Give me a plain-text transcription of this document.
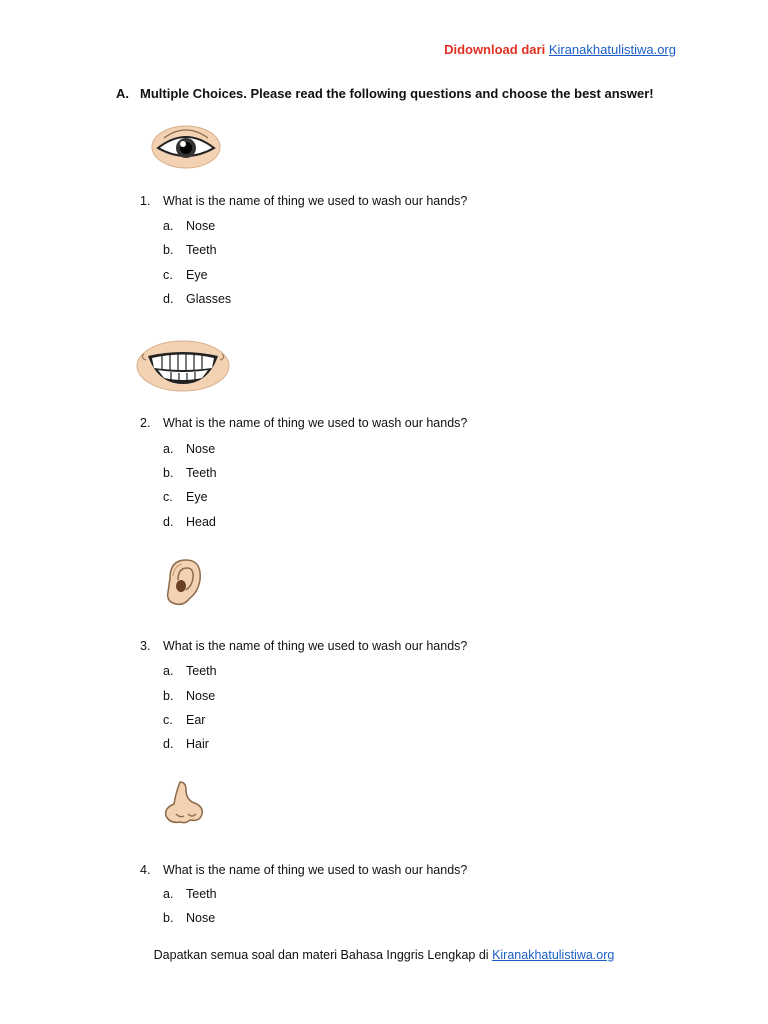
Didownload dari Kiranakhatulistiwa.org
A. Multiple Choices. Please read the following questions and choose the best answer!
1. What is the name of thing we used to wash our hands?
a. Nose
b. Teeth
c. Eye
d. Glasses
2. What is the name of thing we used to wash our hands?
a. Nose
b. Teeth
c. Eye
d. Head
3. What is the name of thing we used to wash our hands?
a. Teeth
b. Nose
c. Ear
d. Hair
4. What is the name of thing we used to wash our hands?
a. Teeth
b. Nose
Dapatkan semua soal dan materi Bahasa Inggris Lengkap di Kiranakhatulistiwa.org
